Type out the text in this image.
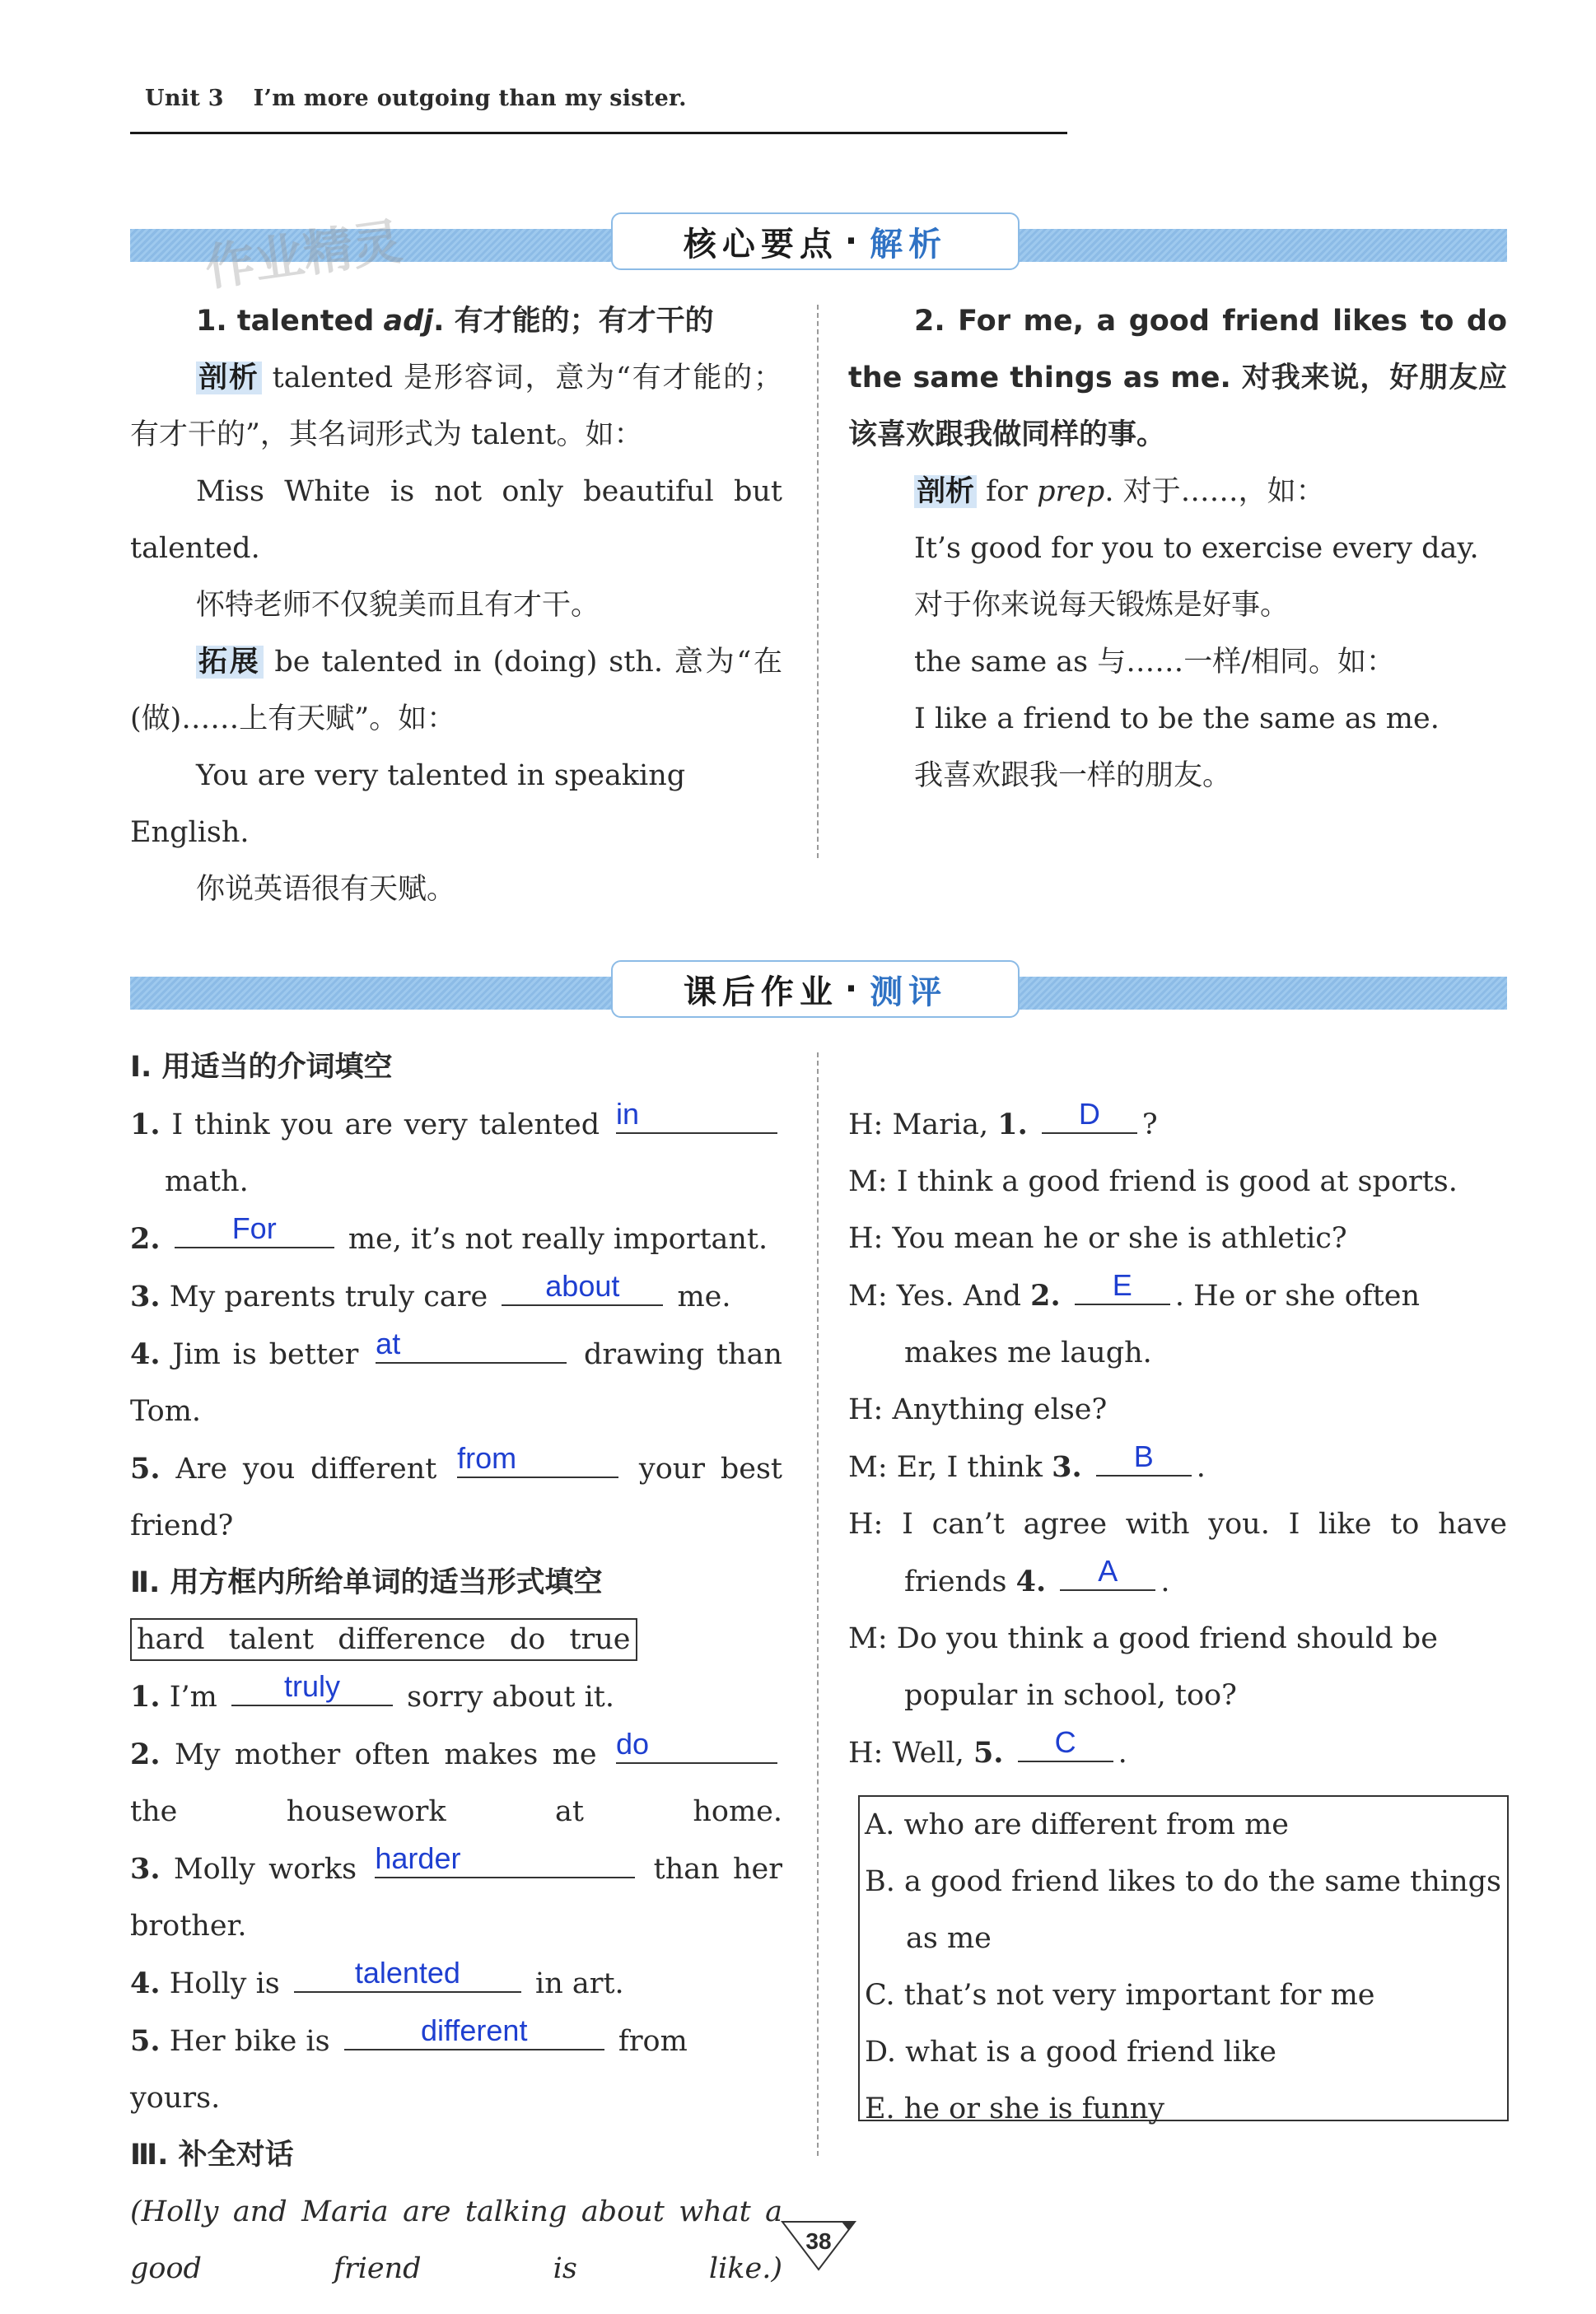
Unit 3 I’m more outgoing than my sister.
作业精灵	核心要点 · 解析

1. talented adj. 有才能的；有才干的

剖析 talented 是形容词，意为“有才能的；有才干的”，其名词形式为 talent。如：

Miss White is not only beautiful but talented.

怀特老师不仅貌美而且有才干。

拓展 be talented in (doing) sth. 意为“在(做)……上有天赋”。如：

You are very talented in speaking English.

你说英语很有天赋。

2. For me, a good friend likes to do the same things as me. 对我来说，好朋友应该喜欢跟我做同样的事。

剖析 for prep. 对于……，如：

It’s good for you to exercise every day.

对于你来说每天锻炼是好事。

the same as 与……一样/相同。如：

I like a friend to be the same as me.

我喜欢跟我一样的朋友。

课后作业 · 测评

Ⅰ. 用适当的介词填空

1. I think you are very talented in

math.

2.	For	me, it’s not really important.

3. My parents truly care	about	me.

4. Jim is better at	drawing than Tom.

5. Are you different from	your best friend?

Ⅱ. 用方框内所给单词的适当形式填空

hard talent difference do true

1. I’m	truly	sorry about it.

2. My mother often makes me do
the housework at home.

3. Molly works harder	than her brother.

4. Holly is	talented	in art.

5. Her bike is	different	from yours.

Ⅲ. 补全对话

(Holly and Maria are talking about what a good friend is like.)

H: Maria, 1.	D	?

M: I think a good friend is good at sports.

H: You mean he or she is athletic?

M: Yes. And 2.	E	. He or she often makes me laugh.

H: Anything else?

M: Er, I think 3.	B	.

H: I can’t agree with you. I like to have friends 4.	A	.

M: Do you think a good friend should be popular in school, too?

H: Well, 5.	C	.

A. who are different from me

B. a good friend likes to do the same things as me

C. that’s not very important for me

D. what is a good friend like

E. he or she is funny

38
